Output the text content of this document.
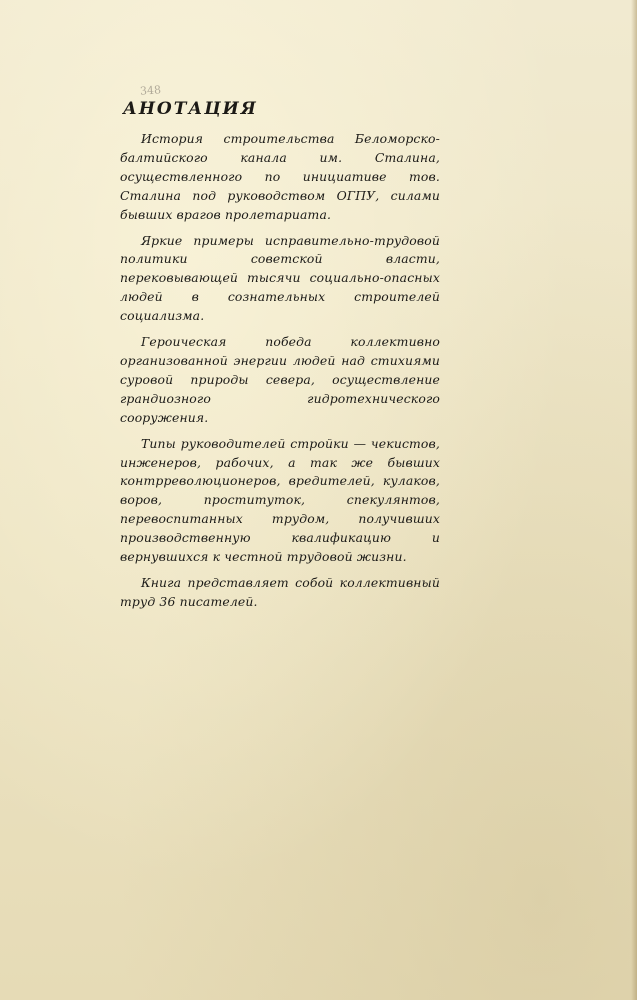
348
АНОТАЦИЯ

История строительства Беломорско-балтийского канала им. Сталина, осуществленного по инициативе тов. Сталина под руководством ОГПУ, силами бывших врагов пролетариата.

Яркие примеры исправительно-трудовой политики советской власти, перековывающей тысячи социально-опасных людей в сознательных строителей социализма.

Героическая победа коллективно организованной энергии людей над стихиями суровой природы севера, осуществление грандиозного гидротехнического сооружения.

Типы руководителей стройки — чекистов, инженеров, рабочих, а так же бывших контрреволюционеров, вредителей, кулаков, воров, проституток, спекулянтов, перевоспитанных трудом, получивших производственную квалификацию и вернувшихся к честной трудовой жизни.

Книга представляет собой коллективный труд 36 писателей.
